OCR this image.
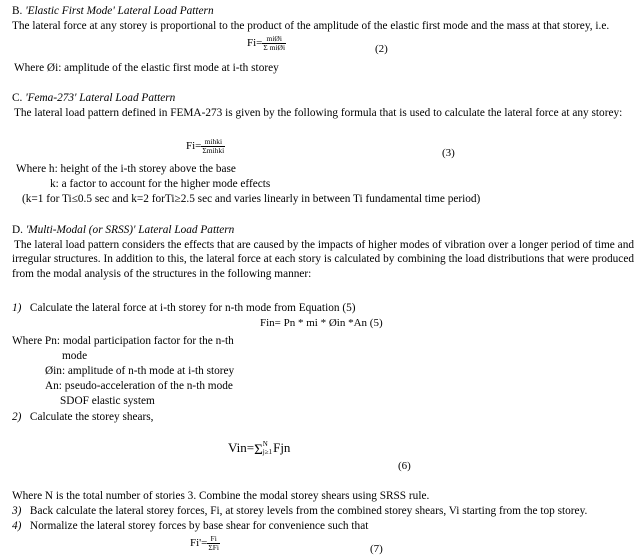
B. 'Elastic First Mode' Lateral Load Pattern
The lateral force at any storey is proportional to the product of the amplitude of the elastic first mode and the mass at that storey, i.e.
$Fi= \frac{\text{miØi}}{\text{Σ miØi}}$	(2)
Where Øi: amplitude of the elastic first mode at i-th storey
C. 'Fema-273' Lateral Load Pattern
The lateral load pattern defined in FEMA-273 is given by the following formula that is used to calculate the lateral force at any storey:
$Fi= \frac{\text{mihki}}{\text{Σmihki}}$	(3)
Where h: height of the i-th storey above the base
k: a factor to account for the higher mode effects
(k=1 for Ti≤0.5 sec and k=2 forTi≥2.5 sec and varies linearly in between Ti fundamental time period)
D. 'Multi-Modal (or SRSS)' Lateral Load Pattern
The lateral load pattern considers the effects that are caused by the impacts of higher modes of vibration over a longer period of time and irregular structures. In addition to this, the lateral force at each story is calculated by combining the load distributions that were produced from the modal analysis of the structures in the following manner:
1) Calculate the lateral force at i-th storey for n-th mode from Equation (5)
Fin= Pn * mi * Øin *An (5)
Where Pn: modal participation factor for the n-th
mode
Øin: amplitude of n-th mode at i-th storey
An: pseudo-acceleration of the n-th mode
SDOF elastic system
2) Calculate the storey shears,
Vin=Σ N
j≥1 Fjn
(6)
Where N is the total number of stories 3. Combine the modal storey shears using SRSS rule.
3) Back calculate the lateral storey forces, Fi, at storey levels from the combined storey shears, Vi starting from the top storey.
4) Normalize the lateral storey forces by base shear for convenience such that
$Fi'= \frac{Fi}{\text{ΣFi}}$	(7)
